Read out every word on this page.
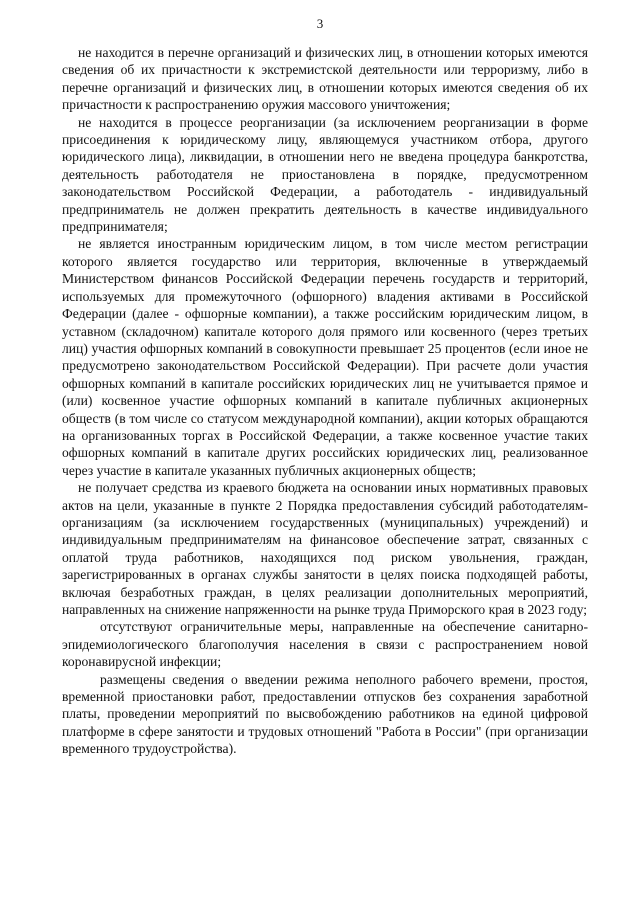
3

не находится в перечне организаций и физических лиц, в отношении которых имеются сведения об их причастности к экстремистской деятельности или терроризму, либо в перечне организаций и физических лиц, в отношении которых имеются сведения об их причастности к распространению оружия массового уничтожения;

не находится в процессе реорганизации (за исключением реорганизации в форме присоединения к юридическому лицу, являющемуся участником отбора, другого юридического лица), ликвидации, в отношении него не введена процедура банкротства, деятельность работодателя не приостановлена в порядке, предусмотренном законодательством Российской Федерации, а работодатель - индивидуальный предприниматель не должен прекратить деятельность в качестве индивидуального предпринимателя;

не является иностранным юридическим лицом, в том числе местом регистрации которого является государство или территория, включенные в утверждаемый Министерством финансов Российской Федерации перечень государств и территорий, используемых для промежуточного (офшорного) владения активами в Российской Федерации (далее - офшорные компании), а также российским юридическим лицом, в уставном (складочном) капитале которого доля прямого или косвенного (через третьих лиц) участия офшорных компаний в совокупности превышает 25 процентов (если иное не предусмотрено законодательством Российской Федерации). При расчете доли участия офшорных компаний в капитале российских юридических лиц не учитывается прямое и (или) косвенное участие офшорных компаний в капитале публичных акционерных обществ (в том числе со статусом международной компании), акции которых обращаются на организованных торгах в Российской Федерации, а также косвенное участие таких офшорных компаний в капитале других российских юридических лиц, реализованное через участие в капитале указанных публичных акционерных обществ;

не получает средства из краевого бюджета на основании иных нормативных правовых актов на цели, указанные в пункте 2 Порядка предоставления субсидий работодателям-организациям (за исключением государственных (муниципальных) учреждений) и индивидуальным предпринимателям на финансовое обеспечение затрат, связанных с оплатой труда работников, находящихся под риском увольнения, граждан, зарегистрированных в органах службы занятости в целях поиска подходящей работы, включая безработных граждан, в целях реализации дополнительных мероприятий, направленных на снижение напряженности на рынке труда Приморского края в 2023 году;

отсутствуют ограничительные меры, направленные на обеспечение санитарно-эпидемиологического благополучия населения в связи с распространением новой коронавирусной инфекции;

размещены сведения о введении режима неполного рабочего времени, простоя, временной приостановки работ, предоставлении отпусков без сохранения заработной платы, проведении мероприятий по высвобождению работников на единой цифровой платформе в сфере занятости и трудовых отношений "Работа в России" (при организации временного трудоустройства).
